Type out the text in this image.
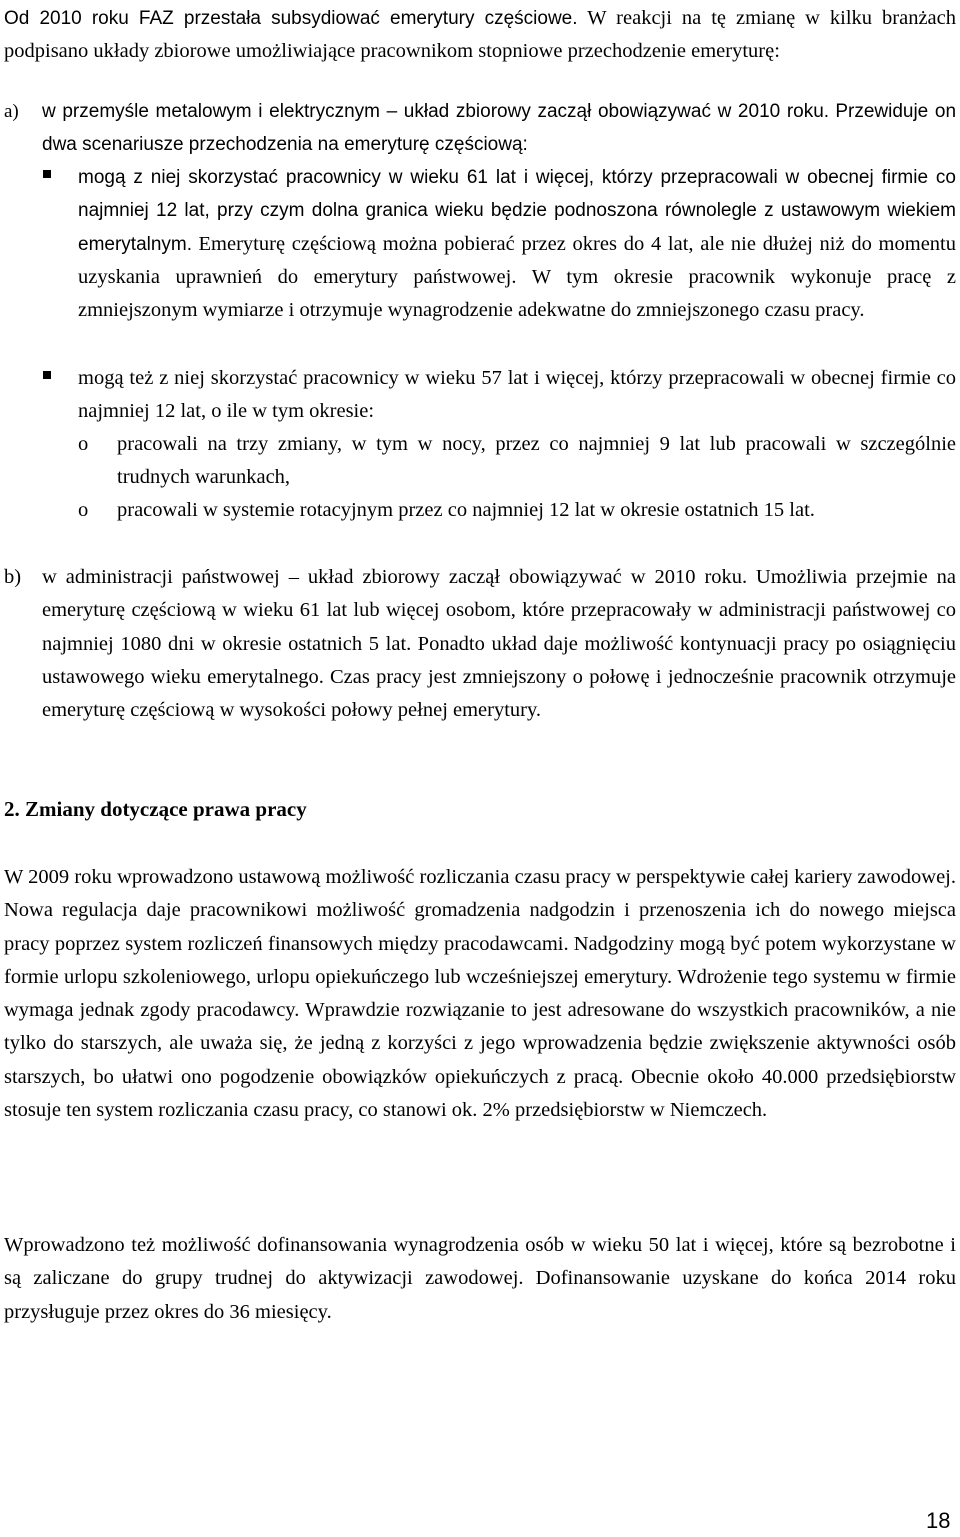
Od 2010 roku FAZ przestała subsydiować emerytury częściowe. W reakcji na tę zmianę w kilku branżach podpisano układy zbiorowe umożliwiające pracownikom stopniowe przechodzenie emeryturę:

a) w przemyśle metalowym i elektrycznym – układ zbiorowy zaczął obowiązywać w 2010 roku. Przewiduje on dwa scenariusze przechodzenia na emeryturę częściową:

mogą z niej skorzystać pracownicy w wieku 61 lat i więcej, którzy przepracowali w obecnej firmie co najmniej 12 lat, przy czym dolna granica wieku będzie podnoszona równolegle z ustawowym wiekiem emerytalnym. Emeryturę częściową można pobierać przez okres do 4 lat, ale nie dłużej niż do momentu uzyskania uprawnień do emerytury państwowej. W tym okresie pracownik wykonuje pracę z zmniejszonym wymiarze i otrzymuje wynagrodzenie adekwatne do zmniejszonego czasu pracy.

mogą też z niej skorzystać pracownicy w wieku 57 lat i więcej, którzy przepracowali w obecnej firmie co najmniej 12 lat, o ile w tym okresie:

o pracowali na trzy zmiany, w tym w nocy, przez co najmniej 9 lat lub pracowali w szczególnie trudnych warunkach,

o pracowali w systemie rotacyjnym przez co najmniej 12 lat w okresie ostatnich 15 lat.

b) w administracji państwowej – układ zbiorowy zaczął obowiązywać w 2010 roku. Umożliwia przejmie na emeryturę częściową w wieku 61 lat lub więcej osobom, które przepracowały w administracji państwowej co najmniej 1080 dni w okresie ostatnich 5 lat. Ponadto układ daje możliwość kontynuacji pracy po osiągnięciu ustawowego wieku emerytalnego. Czas pracy jest zmniejszony o połowę i jednocześnie pracownik otrzymuje emeryturę częściową w wysokości połowy pełnej emerytury.

2. Zmiany dotyczące prawa pracy

W 2009 roku wprowadzono ustawową możliwość rozliczania czasu pracy w perspektywie całej kariery zawodowej. Nowa regulacja daje pracownikowi możliwość gromadzenia nadgodzin i przenoszenia ich do nowego miejsca pracy poprzez system rozliczeń finansowych między pracodawcami. Nadgodziny mogą być potem wykorzystane w formie urlopu szkoleniowego, urlopu opiekuńczego lub wcześniejszej emerytury. Wdrożenie tego systemu w firmie wymaga jednak zgody pracodawcy. Wprawdzie rozwiązanie to jest adresowane do wszystkich pracowników, a nie tylko do starszych, ale uważa się, że jedną z korzyści z jego wprowadzenia będzie zwiększenie aktywności osób starszych, bo ułatwi ono pogodzenie obowiązków opiekuńczych z pracą. Obecnie około 40.000 przedsiębiorstw stosuje ten system rozliczania czasu pracy, co stanowi ok. 2% przedsiębiorstw w Niemczech.

Wprowadzono też możliwość dofinansowania wynagrodzenia osób w wieku 50 lat i więcej, które są bezrobotne i są zaliczane do grupy trudnej do aktywizacji zawodowej. Dofinansowanie uzyskane do końca 2014 roku przysługuje przez okres do 36 miesięcy.

18
